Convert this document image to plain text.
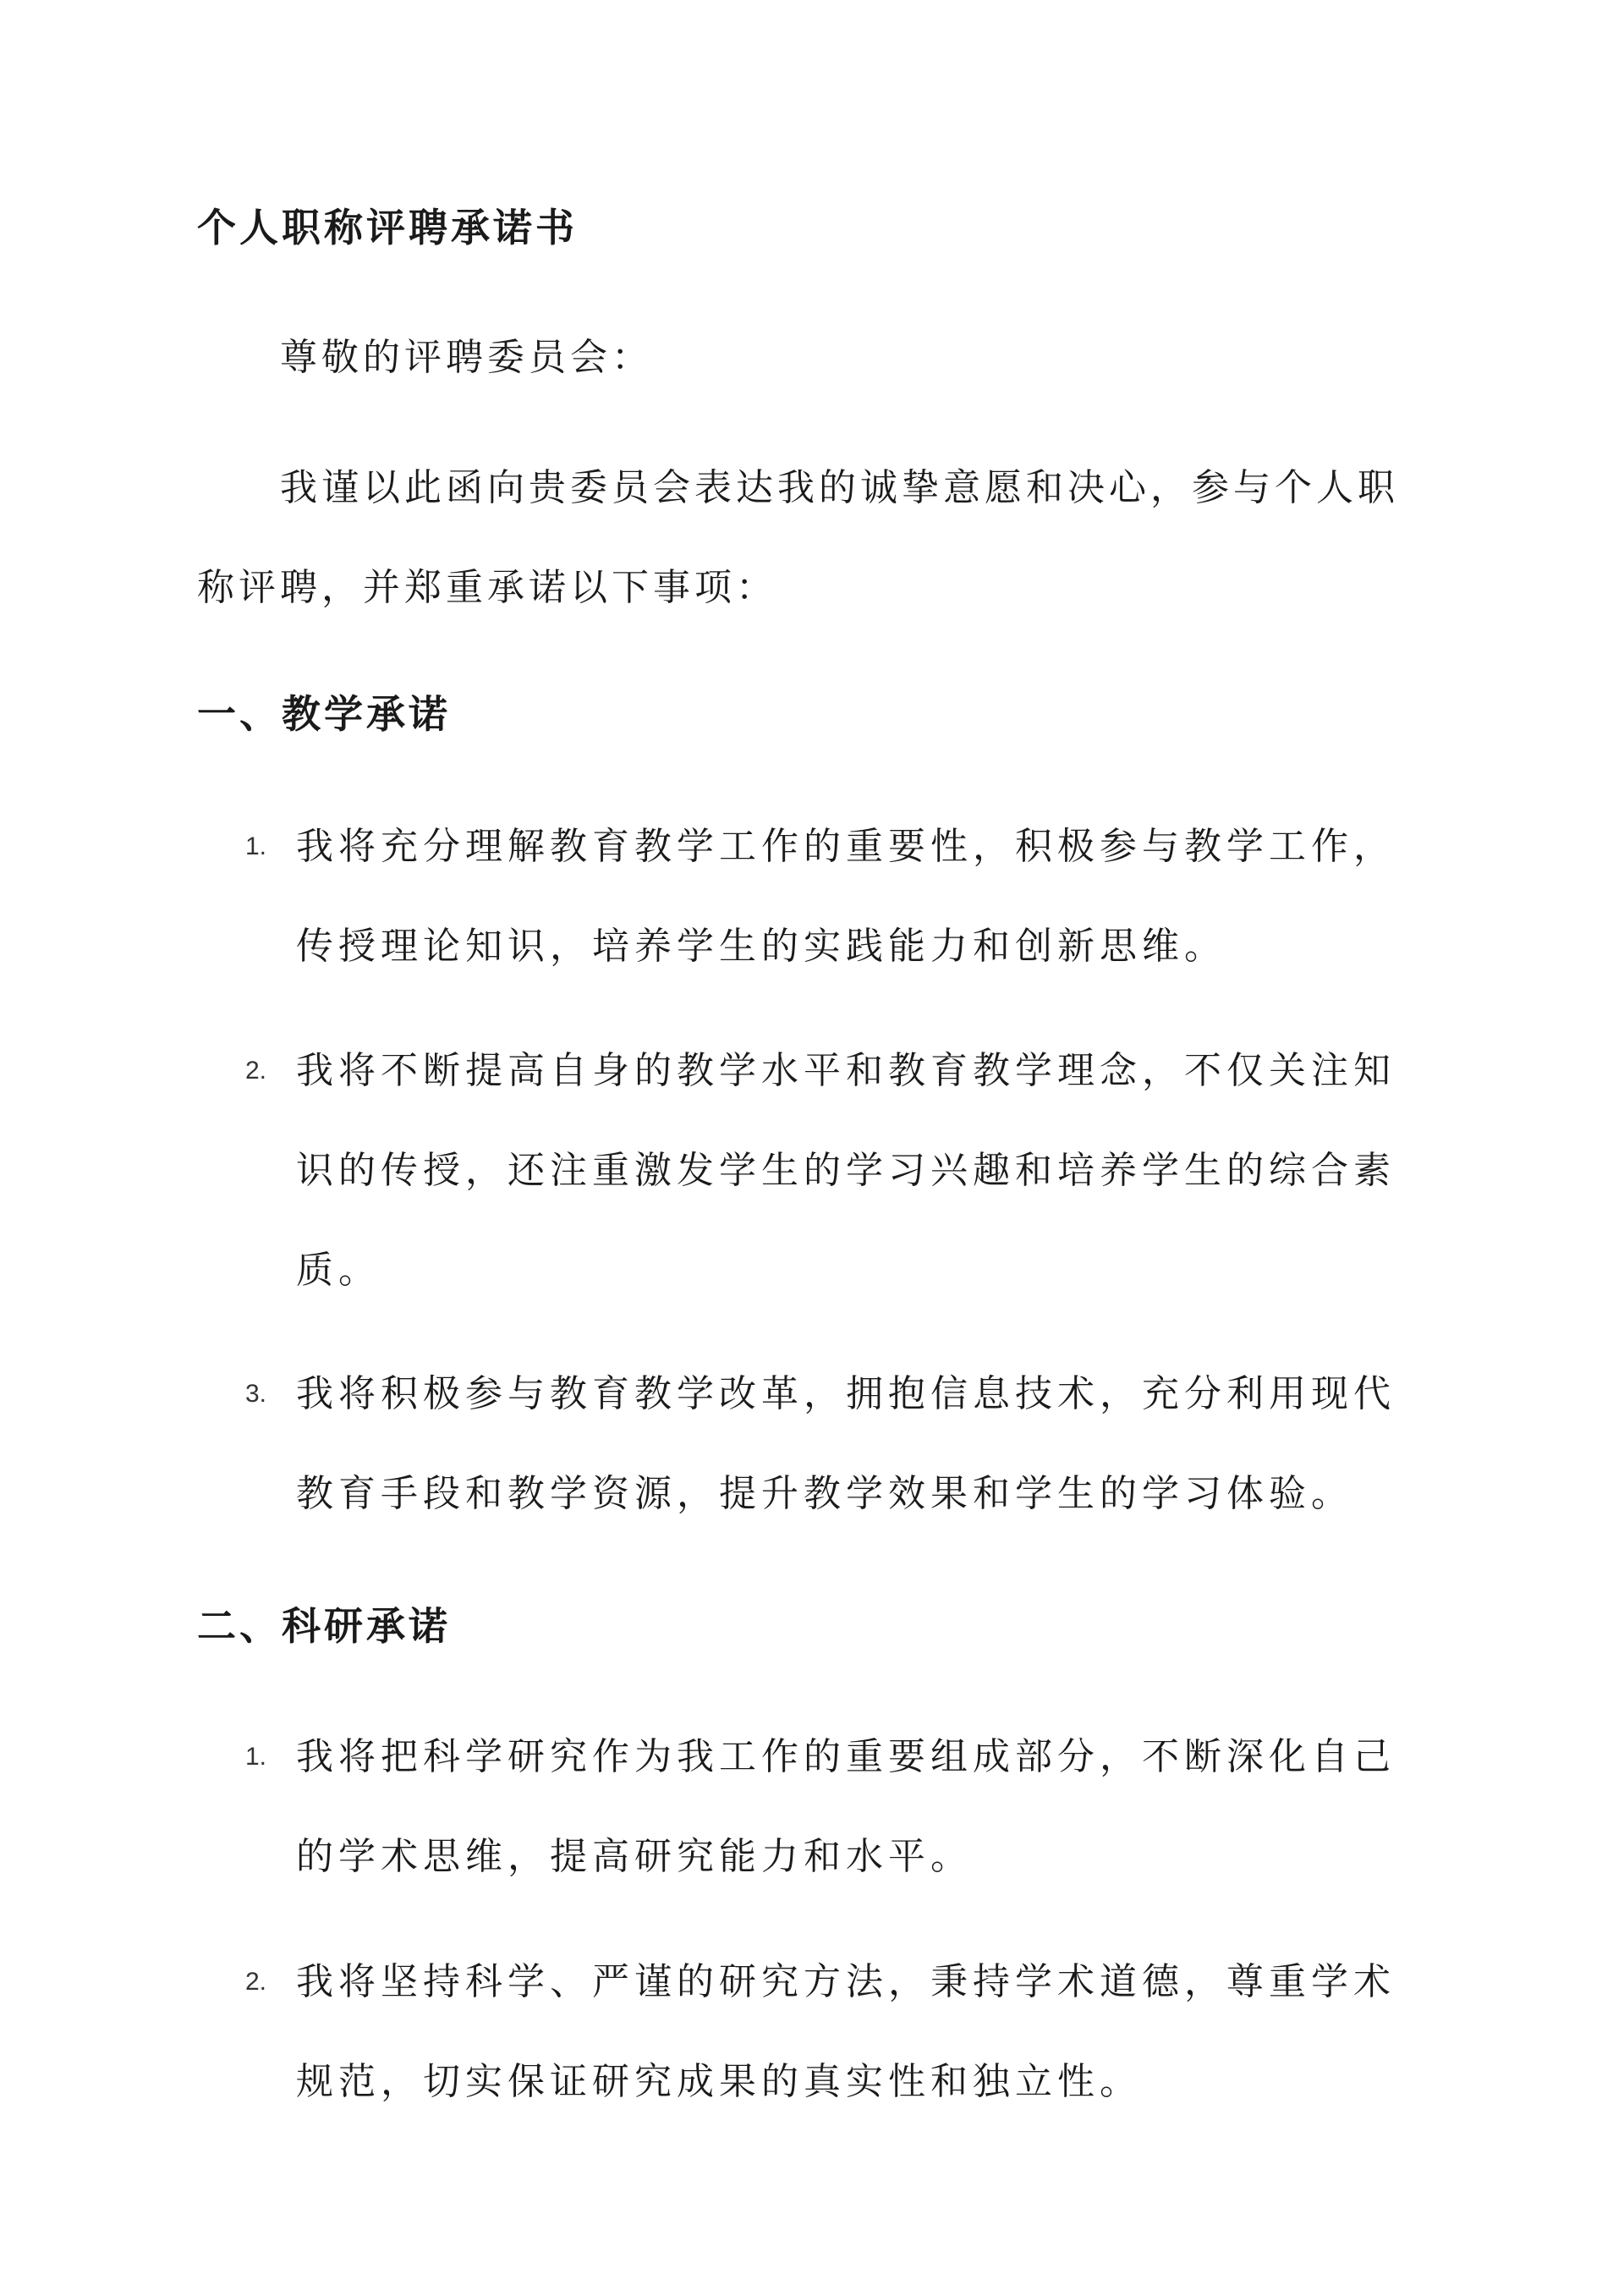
个人职称评聘承诺书

尊敬的评聘委员会：

我谨以此函向贵委员会表达我的诚挚意愿和决心，参与个人职称评聘，并郑重承诺以下事项：

一、教学承诺
1. 我将充分理解教育教学工作的重要性，积极参与教学工作，传授理论知识，培养学生的实践能力和创新思维。
2. 我将不断提高自身的教学水平和教育教学理念，不仅关注知识的传授，还注重激发学生的学习兴趣和培养学生的综合素质。
3. 我将积极参与教育教学改革，拥抱信息技术，充分利用现代教育手段和教学资源，提升教学效果和学生的学习体验。
二、科研承诺
1. 我将把科学研究作为我工作的重要组成部分，不断深化自己的学术思维，提高研究能力和水平。
2. 我将坚持科学、严谨的研究方法，秉持学术道德，尊重学术规范，切实保证研究成果的真实性和独立性。
